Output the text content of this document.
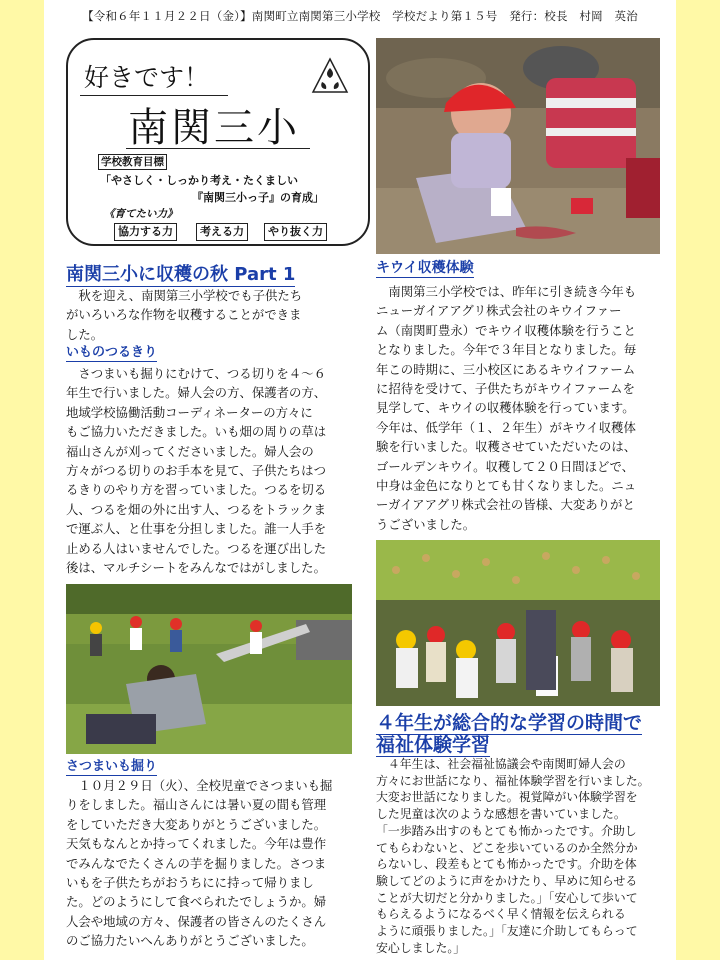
【令和６年１１月２２日（金）】南関町立南関第三小学校　学校だより第１５号　発行：校長　村岡　英治
好きです！
南関三小
学校教育目標
「やさしく・しっかり考え・たくましい
『南関三小っ子』の育成」
《育てたい力》
協力する力	考える力	やり抜く力
南関三小に収穫の秋 Part 1
　秋を迎え、南関第三小学校でも子供たち
がいろいろな作物を収穫することができま
した。
いものつるきり
　さつまいも掘りにむけて、つる切りを４～６
年生で行いました。婦人会の方、保護者の方、
地域学校協働活動コーディネーターの方々に
もご協力いただきました。いも畑の周りの草は
福山さんが刈ってくださいました。婦人会の
方々がつる切りのお手本を見て、子供たちはつ
るきりのやり方を習っていました。つるを切る
人、つるを畑の外に出す人、つるをトラックま
で運ぶ人、と仕事を分担しました。誰一人手を
止める人はいませんでした。つるを運び出した
後は、マルチシートをみんなではがしました。
さつまいも掘り
　１０月２９日（火）、全校児童でさつまいも掘
りをしました。福山さんには暑い夏の間も管理
をしていただき大変ありがとうございました。
天気もなんとか持ってくれました。今年は豊作
でみんなでたくさんの芋を掘りました。さつま
いもを子供たちがおうちにに持って帰りまし
た。どのようにして食べられたでしょうか。婦
人会や地域の方々、保護者の皆さんのたくさん
のご協力たいへんありがとうございました。
キウイ収穫体験
　南関第三小学校では、昨年に引き続き今年も
ニューガイアアグリ株式会社のキウイファー
ム（南関町豊永）でキウイ収穫体験を行うこと
となりました。今年で３年目となりました。毎
年この時期に、三小校区にあるキウイファーム
に招待を受けて、子供たちがキウイファームを
見学して、キウイの収穫体験を行っています。
今年は、低学年（１、２年生）がキウイ収穫体
験を行いました。収穫させていただいたのは、
ゴールデンキウイ。収穫して２０日間ほどで、
中身は金色になりとても甘くなりました。ニュ
ーガイアアグリ株式会社の皆様、大変ありがと
うございました。
４年生が総合的な学習の時間で
福祉体験学習
　４年生は、社会福祉協議会や南関町婦人会の
方々にお世話になり、福祉体験学習を行いました。
大変お世話になりました。視覚障がい体験学習を
した児童は次のような感想を書いていました。
「一歩踏み出すのもとても怖かったです。介助し
てもらわないと、どこを歩いているのか全然分か
らないし、段差もとても怖かったです。介助を体
験してどのように声をかけたり、早めに知らせる
ことが大切だと分かりました。」「安心して歩いて
もらえるようになるべく早く情報を伝えられる
ように頑張りました。」「友達に介助してもらって
安心しました。」
